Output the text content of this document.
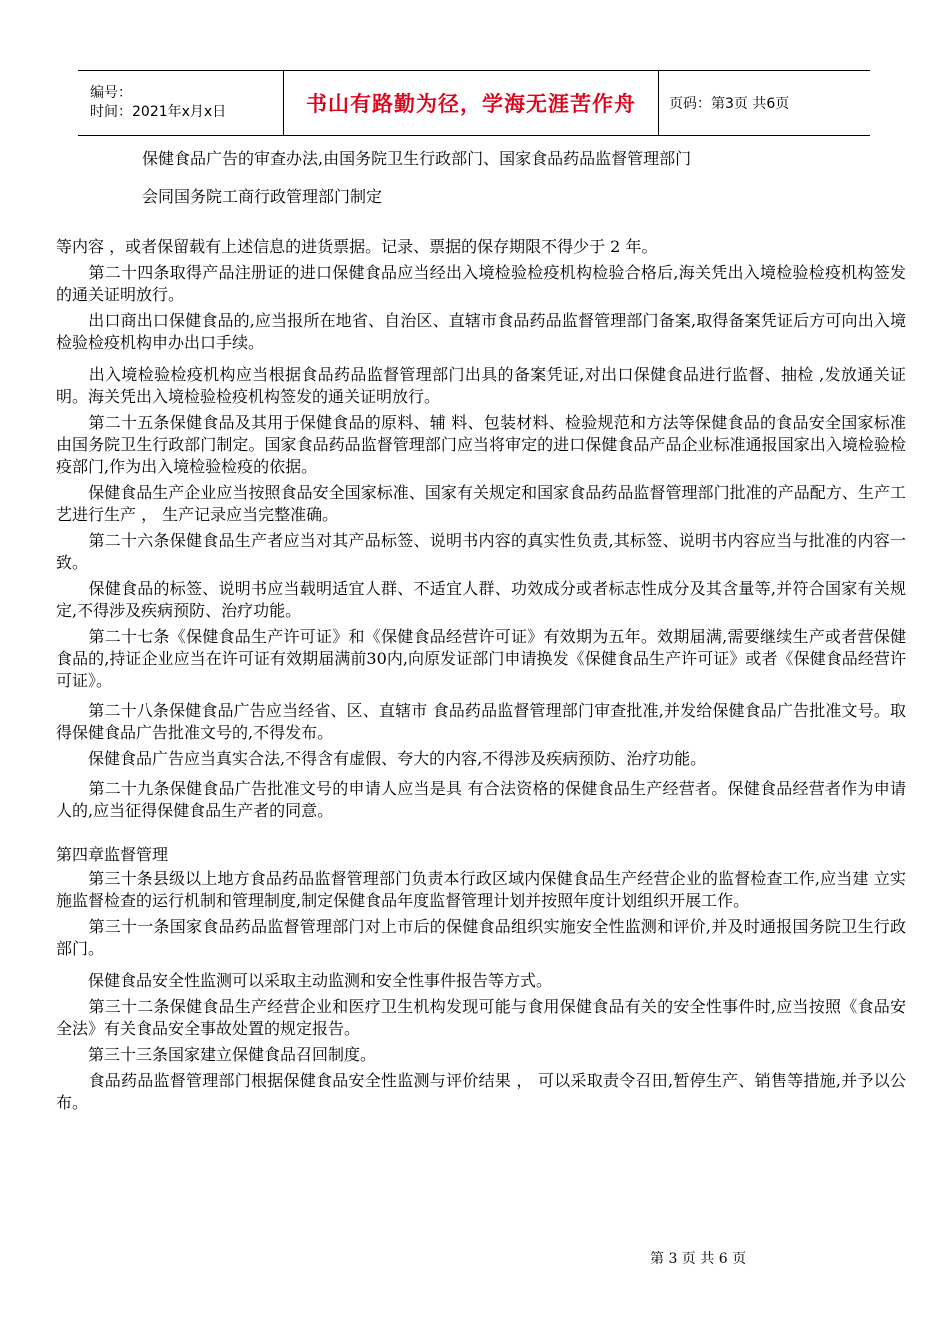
编号：
时间：2021年x月x日	书山有路勤为径，学海无涯苦作舟 页码：第3页 共6页
保健食品广告的审查办法,由国务院卫生行政部门、国家食品药品监督管理部门
会同国务院工商行政管理部门制定

等内容 ，或者保留载有上述信息的进货票据。记录、票据的保存期限不得少于 2 年。

　　第二十四条取得产品注册证的进口保健食品应当经出入境检验检疫机构检验合格后,海关凭出入境检验检疫机构签发的通关证明放行。

　　出口商出口保健食品的,应当报所在地省、自治区、直辖市食品药品监督管理部门备案,取得备案凭证后方可向出入境检验检疫机构申办出口手续。

　　出入境检验检疫机构应当根据食品药品监督管理部门出具的备案凭证,对出口保健食品进行监督、抽检 ,发放通关证明。海关凭出入境检验检疫机构签发的通关证明放行。

　　第二十五条保健食品及其用于保健食品的原料、辅 料、包装材料、检验规范和方法等保健食品的食品安全国家标准由国务院卫生行政部门制定。国家食品药品监督管理部门应当将审定的进口保健食品产品企业标准通报国家出入境检验检疫部门,作为出入境检验检疫的依据。

　　保健食品生产企业应当按照食品安全国家标准、国家有关规定和国家食品药品监督管理部门批准的产品配方、生产工艺进行生产 ， 生产记录应当完整准确。

　　第二十六条保健食品生产者应当对其产品标签、说明书内容的真实性负责,其标签、说明书内容应当与批准的内容一致。

　　保健食品的标签、说明书应当载明适宜人群、不适宜人群、功效成分或者标志性成分及其含量等,并符合国家有关规定,不得涉及疾病预防、治疗功能。

　　第二十七条《保健食品生产许可证》和《保健食品经营许可证》有效期为五年。效期届满,需要继续生产或者营保健食品的,持证企业应当在许可证有效期届满前30内,向原发证部门申请换发《保健食品生产许可证》或者《保健食品经营许可证》。

　　第二十八条保健食品广告应当经省、区、直辖市 食品药品监督管理部门审查批准,并发给保健食品广告批准文号。取得保健食品广告批准文号的,不得发布。

　　保健食品广告应当真实合法,不得含有虚假、夸大的内容,不得涉及疾病预防、治疗功能。

　　第二十九条保健食品广告批准文号的申请人应当是具 有合法资格的保健食品生产经营者。保健食品经营者作为申请人的,应当征得保健食品生产者的同意。

第四章监督管理

　　第三十条县级以上地方食品药品监督管理部门负责本行政区域内保健食品生产经营企业的监督检查工作,应当建 立实施监督检查的运行机制和管理制度,制定保健食品年度监督管理计划并按照年度计划组织开展工作。

　　第三十一条国家食品药品监督管理部门对上市后的保健食品组织实施安全性监测和评价,并及时通报国务院卫生行政部门。

　　保健食品安全性监测可以采取主动监测和安全性事件报告等方式。

　　第三十二条保健食品生产经营企业和医疗卫生机构发现可能与食用保健食品有关的安全性事件时,应当按照《食品安全法》有关食品安全事故处置的规定报告。

　　第三十三条国家建立保健食品召回制度。

　　食品药品监督管理部门根据保健食品安全性监测与评价结果 ， 可以采取责令召田,暂停生产、销售等措施,并予以公布。

第 3 页 共 6 页
